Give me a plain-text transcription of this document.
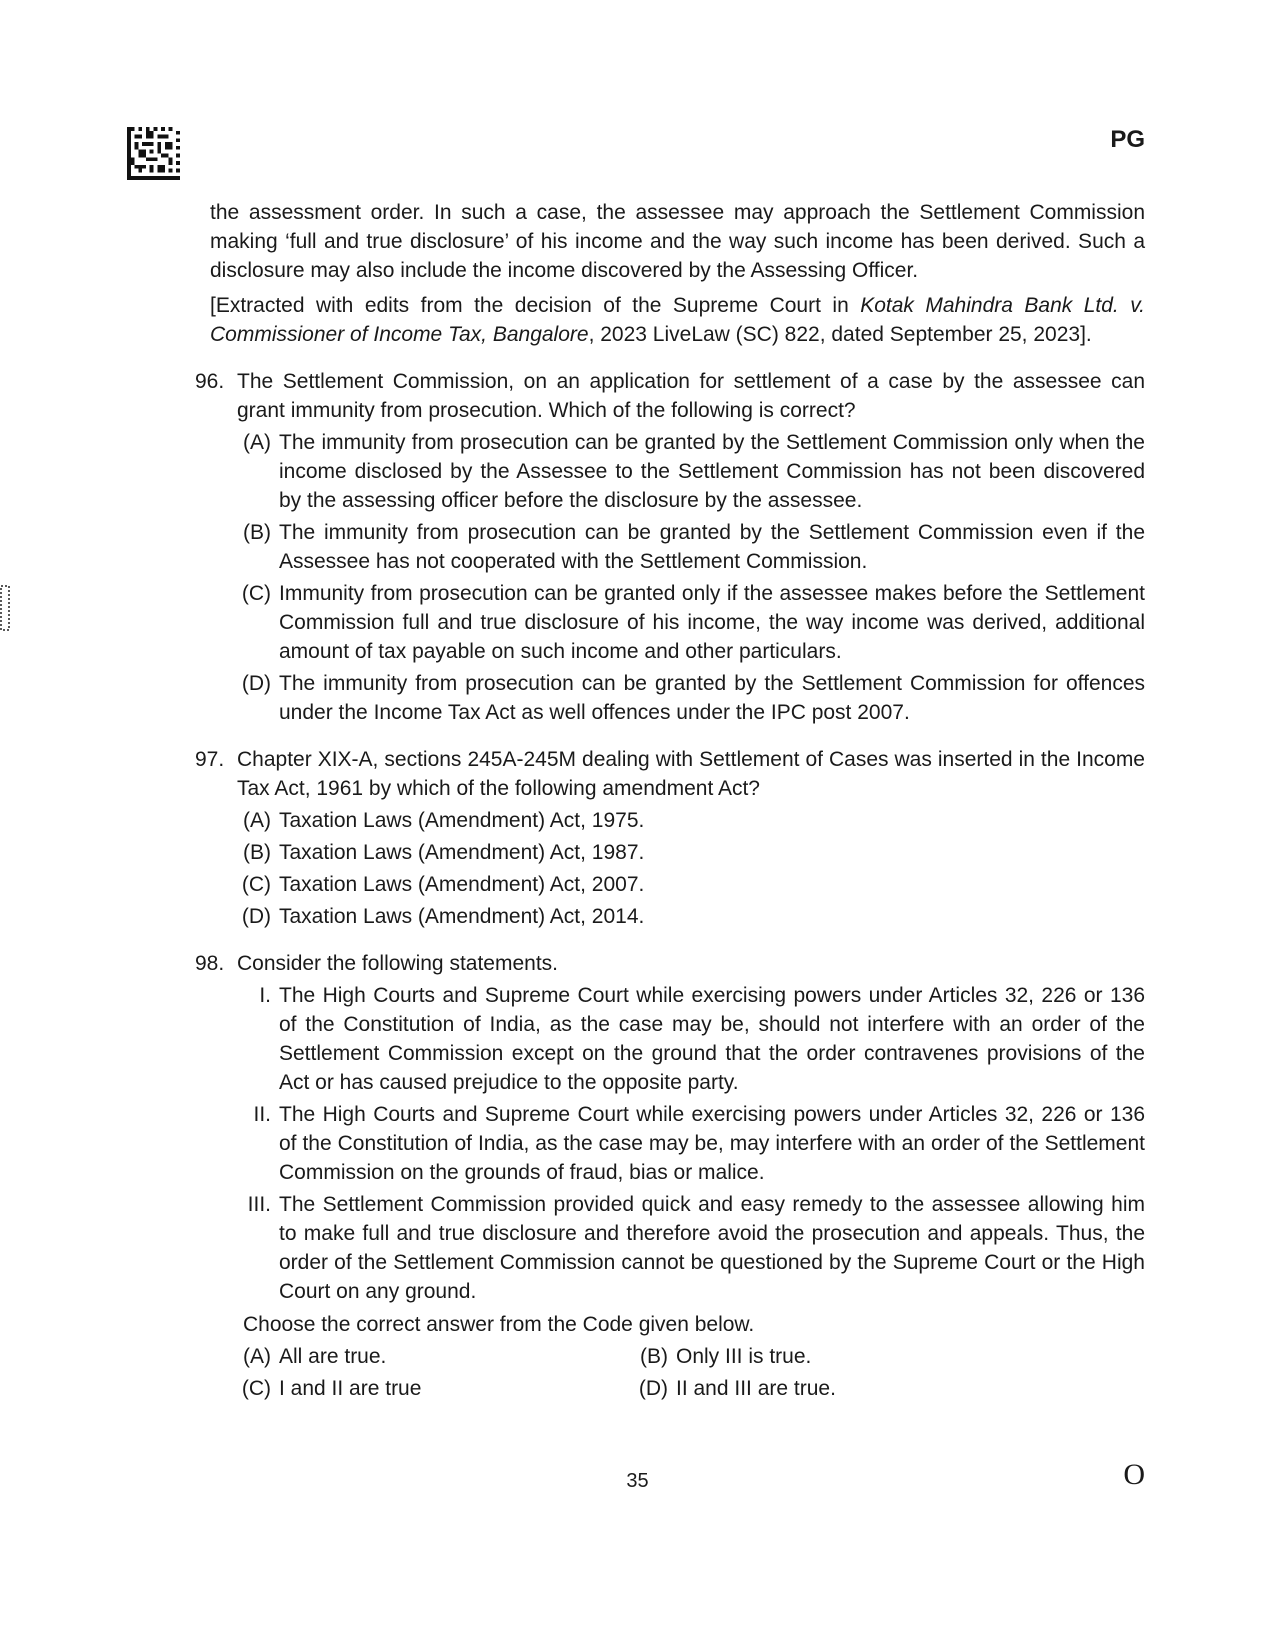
PG

the assessment order. In such a case, the assessee may approach the Settlement Commission making ‘full and true disclosure’ of his income and the way such income has been derived. Such a disclosure may also include the income discovered by the Assessing Officer.

[Extracted with edits from the decision of the Supreme Court in Kotak Mahindra Bank Ltd. v. Commissioner of Income Tax, Bangalore, 2023 LiveLaw (SC) 822, dated September 25, 2023].

96. The Settlement Commission, on an application for settlement of a case by the assessee can grant immunity from prosecution. Which of the following is correct?

(A) The immunity from prosecution can be granted by the Settlement Commission only when the income disclosed by the Assessee to the Settlement Commission has not been discovered by the assessing officer before the disclosure by the assessee.
(B) The immunity from prosecution can be granted by the Settlement Commission even if the Assessee has not cooperated with the Settlement Commission.
(C) Immunity from prosecution can be granted only if the assessee makes before the Settlement Commission full and true disclosure of his income, the way income was derived, additional amount of tax payable on such income and other particulars.
(D) The immunity from prosecution can be granted by the Settlement Commission for offences under the Income Tax Act as well offences under the IPC post 2007.
97. Chapter XIX-A, sections 245A-245M dealing with Settlement of Cases was inserted in the Income Tax Act, 1961 by which of the following amendment Act?

(A) Taxation Laws (Amendment) Act, 1975.
(B) Taxation Laws (Amendment) Act, 1987.
(C) Taxation Laws (Amendment) Act, 2007.
(D) Taxation Laws (Amendment) Act, 2014.
98. Consider the following statements.

I. The High Courts and Supreme Court while exercising powers under Articles 32, 226 or 136 of the Constitution of India, as the case may be, should not interfere with an order of the Settlement Commission except on the ground that the order contravenes provisions of the Act or has caused prejudice to the opposite party.
II. The High Courts and Supreme Court while exercising powers under Articles 32, 226 or 136 of the Constitution of India, as the case may be, may interfere with an order of the Settlement Commission on the grounds of fraud, bias or malice.
III. The Settlement Commission provided quick and easy remedy to the assessee allowing him to make full and true disclosure and therefore avoid the prosecution and appeals. Thus, the order of the Settlement Commission cannot be questioned by the Supreme Court or the High Court on any ground.

Choose the correct answer from the Code given below.

(A) All are true.	(B) Only III is true.
(C) I and II are true	(D) II and III are true.
35	O
